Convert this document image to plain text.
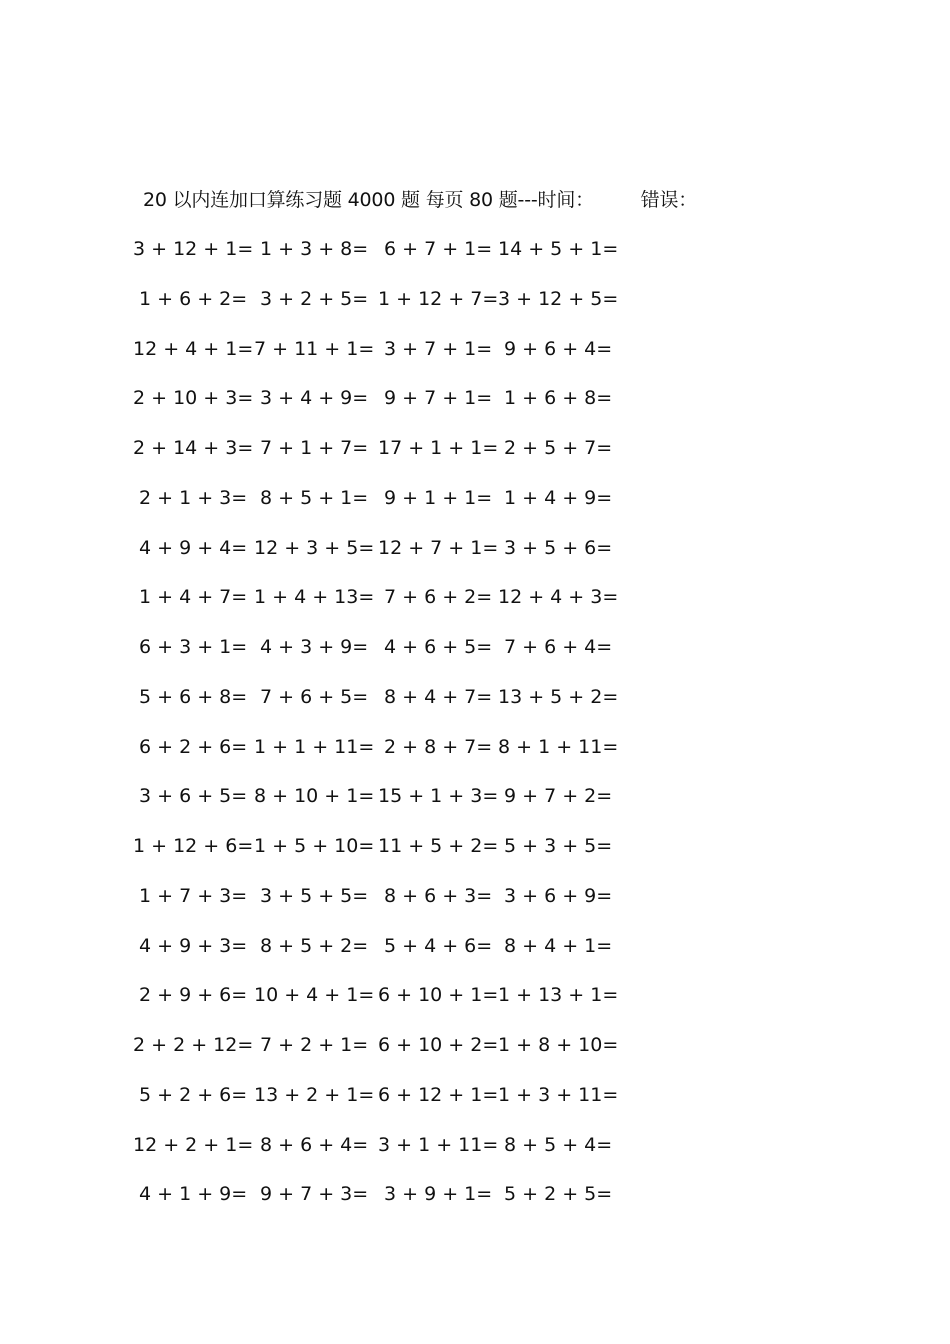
20 以内连加口算练习题 4000 题 每页 80 题---时间： 错误：
3 + 12 + 1= 1 + 3 + 8= 6 + 7 + 1= 14 + 5 + 1=
1 + 6 + 2= 3 + 2 + 5= 1 + 12 + 7= 3 + 12 + 5=
12 + 4 + 1= 7 + 11 + 1= 3 + 7 + 1= 9 + 6 + 4=
2 + 10 + 3= 3 + 4 + 9= 9 + 7 + 1= 1 + 6 + 8=
2 + 14 + 3= 7 + 1 + 7= 17 + 1 + 1= 2 + 5 + 7=
2 + 1 + 3= 8 + 5 + 1= 9 + 1 + 1= 1 + 4 + 9=
4 + 9 + 4= 12 + 3 + 5= 12 + 7 + 1= 3 + 5 + 6=
1 + 4 + 7= 1 + 4 + 13= 7 + 6 + 2= 12 + 4 + 3=
6 + 3 + 1= 4 + 3 + 9= 4 + 6 + 5= 7 + 6 + 4=
5 + 6 + 8= 7 + 6 + 5= 8 + 4 + 7= 13 + 5 + 2=
6 + 2 + 6= 1 + 1 + 11= 2 + 8 + 7= 8 + 1 + 11=
3 + 6 + 5= 8 + 10 + 1= 15 + 1 + 3= 9 + 7 + 2=
1 + 12 + 6= 1 + 5 + 10= 11 + 5 + 2= 5 + 3 + 5=
1 + 7 + 3= 3 + 5 + 5= 8 + 6 + 3= 3 + 6 + 9=
4 + 9 + 3= 8 + 5 + 2= 5 + 4 + 6= 8 + 4 + 1=
2 + 9 + 6= 10 + 4 + 1= 6 + 10 + 1= 1 + 13 + 1=
2 + 2 + 12= 7 + 2 + 1= 6 + 10 + 2= 1 + 8 + 10=
5 + 2 + 6= 13 + 2 + 1= 6 + 12 + 1= 1 + 3 + 11=
12 + 2 + 1= 8 + 6 + 4= 3 + 1 + 11= 8 + 5 + 4=
4 + 1 + 9= 9 + 7 + 3= 3 + 9 + 1= 5 + 2 + 5=
